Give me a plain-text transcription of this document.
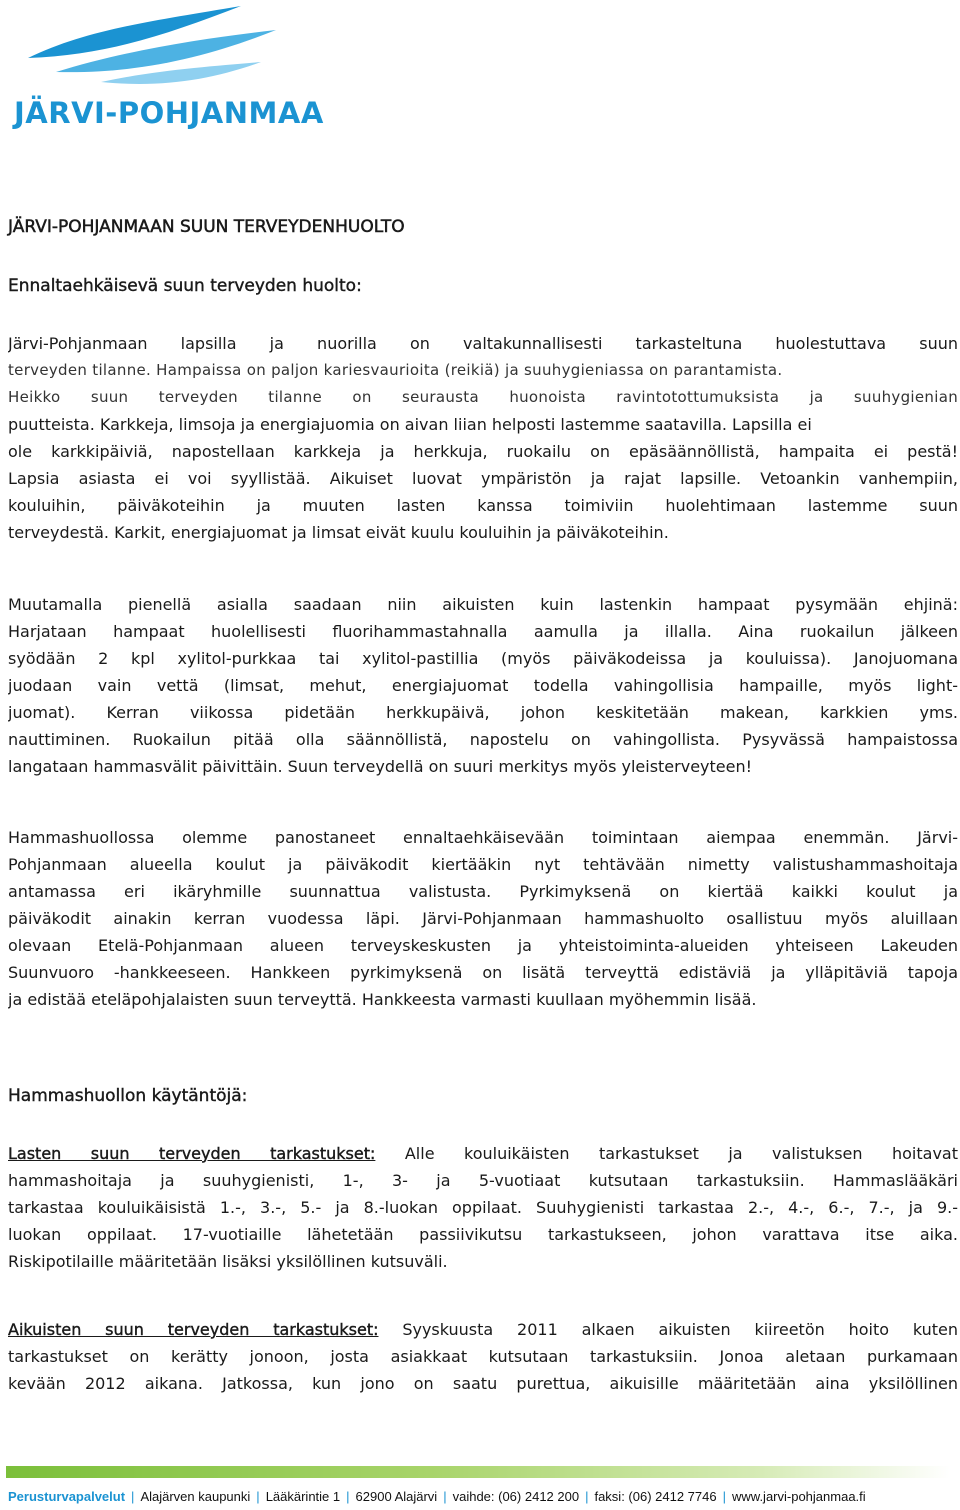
JÄRVI-POHJANMAA
JÄRVI-POHJANMAAN SUUN TERVEYDENHUOLTO
Ennaltaehkäisevä suun terveyden huolto:
Järvi-Pohjanmaan lapsilla ja nuorilla on valtakunnallisesti tarkasteltuna huolestuttava suun
terveyden tilanne. Hampaissa on paljon kariesvaurioita (reikiä) ja suuhygieniassa on parantamista.
Heikko suun terveyden tilanne on seurausta huonoista ravintotottumuksista ja suuhygienian
puutteista. Karkkeja, limsoja ja energiajuomia on aivan liian helposti lastemme saatavilla. Lapsilla ei
ole karkkipäiviä, napostellaan karkkeja ja herkkuja, ruokailu on epäsäännöllistä, hampaita ei pestä!
Lapsia asiasta ei voi syyllistää. Aikuiset luovat ympäristön ja rajat lapsille. Vetoankin vanhempiin,
kouluihin, päiväkoteihin ja muuten lasten kanssa toimiviin huolehtimaan lastemme suun
terveydestä. Karkit, energiajuomat ja limsat eivät kuulu kouluihin ja päiväkoteihin.
Muutamalla pienellä asialla saadaan niin aikuisten kuin lastenkin hampaat pysymään ehjinä:
Harjataan hampaat huolellisesti fluorihammastahnalla aamulla ja illalla. Aina ruokailun jälkeen
syödään 2 kpl xylitol-purkkaa tai xylitol-pastillia (myös päiväkodeissa ja kouluissa). Janojuomana
juodaan vain vettä (limsat, mehut, energiajuomat todella vahingollisia hampaille, myös light-
juomat). Kerran viikossa pidetään herkkupäivä, johon keskitetään makean, karkkien yms.
nauttiminen. Ruokailun pitää olla säännöllistä, napostelu on vahingollista. Pysyvässä hampaistossa
langataan hammasvälit päivittäin. Suun terveydellä on suuri merkitys myös yleisterveyteen!
Hammashuollossa olemme panostaneet ennaltaehkäisevään toimintaan aiempaa enemmän. Järvi-
Pohjanmaan alueella koulut ja päiväkodit kiertääkin nyt tehtävään nimetty valistushammashoitaja
antamassa eri ikäryhmille suunnattua valistusta. Pyrkimyksenä on kiertää kaikki koulut ja
päiväkodit ainakin kerran vuodessa läpi. Järvi-Pohjanmaan hammashuolto osallistuu myös aluillaan
olevaan Etelä-Pohjanmaan alueen terveyskeskusten ja yhteistoiminta-alueiden yhteiseen Lakeuden
Suunvuoro -hankkeeseen. Hankkeen pyrkimyksenä on lisätä terveyttä edistäviä ja ylläpitäviä tapoja
ja edistää eteläpohjalaisten suun terveyttä. Hankkeesta varmasti kuullaan myöhemmin lisää.
Hammashuollon käytäntöjä:
Lasten suun terveyden tarkastukset: Alle kouluikäisten tarkastukset ja valistuksen hoitavat
hammashoitaja ja suuhygienisti, 1-, 3- ja 5-vuotiaat kutsutaan tarkastuksiin. Hammaslääkäri
tarkastaa kouluikäisistä 1.-, 3.-, 5.- ja 8.-luokan oppilaat. Suuhygienisti tarkastaa 2.-, 4.-, 6.-, 7.-, ja 9.-
luokan oppilaat. 17-vuotiaille lähetetään passiivikutsu tarkastukseen, johon varattava itse aika.
Riskipotilaille määritetään lisäksi yksilöllinen kutsuväli.
Aikuisten suun terveyden tarkastukset: Syyskuusta 2011 alkaen aikuisten kiireetön hoito kuten
tarkastukset on kerätty jonoon, josta asiakkaat kutsutaan tarkastuksiin. Jonoa aletaan purkamaan
kevään 2012 aikana. Jatkossa, kun jono on saatu purettua, aikuisille määritetään aina yksilöllinen
Perusturvapalvelut | Alajärven kaupunki | Lääkärintie 1 | 62900 Alajärvi | vaihde: (06) 2412 200 | faksi: (06) 2412 7746 | www.jarvi-pohjanmaa.fi
